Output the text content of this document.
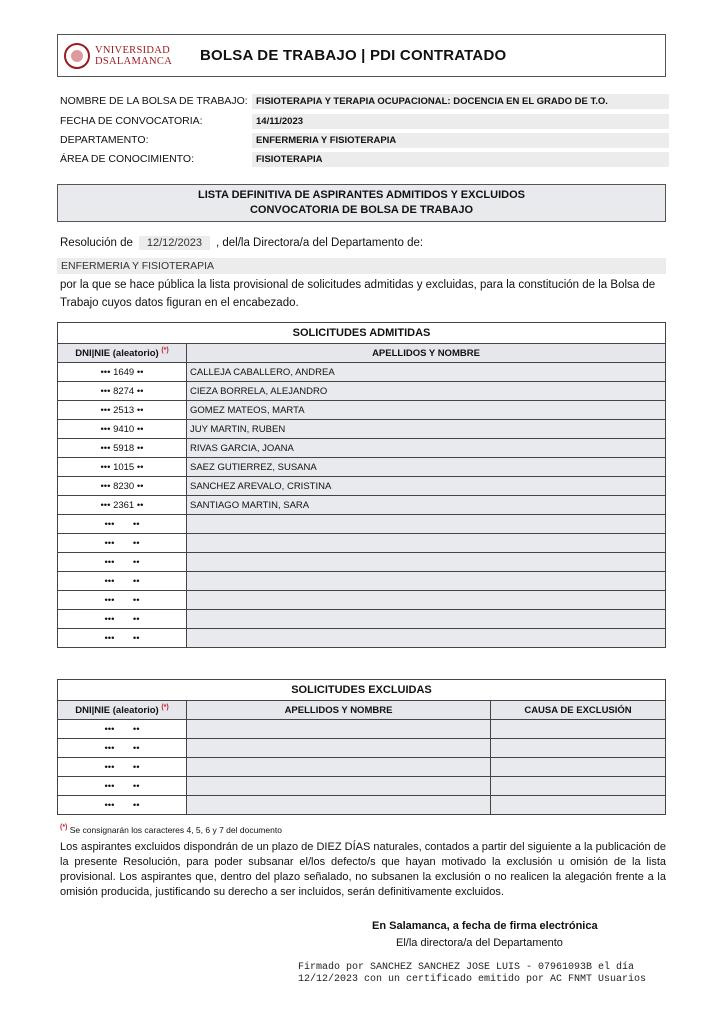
VNIVERSIDAD
DSALAMANCA BOLSA DE TRABAJO | PDI CONTRATADO
NOMBRE DE LA BOLSA DE TRABAJO: FISIOTERAPIA Y TERAPIA OCUPACIONAL: DOCENCIA EN EL GRADO DE T.O.
FECHA DE CONVOCATORIA:	14/11/2023
DEPARTAMENTO:	ENFERMERIA Y FISIOTERAPIA
ÁREA DE CONOCIMIENTO:	FISIOTERAPIA
LISTA DEFINITIVA DE ASPIRANTES ADMITIDOS Y EXCLUIDOS
CONVOCATORIA DE BOLSA DE TRABAJO
Resolución de	12/12/2023	, del/la Directora/a del Departamento de:
ENFERMERIA Y FISIOTERAPIA
por la que se hace pública la lista provisional de solicitudes admitidas y excluidas, para la constitución de la Bolsa de Trabajo cuyos datos figuran en el encabezado.
SOLICITUDES ADMITIDAS	
DNI|NIE (aleatorio) (*)	APELLIDOS Y NOMBRE
••• 1649 ••	CALLEJA CABALLERO, ANDREA
••• 8274 ••	CIEZA BORRELA, ALEJANDRO
••• 2513 ••	GOMEZ MATEOS, MARTA
••• 9410 ••	JUY MARTIN, RUBEN
••• 5918 ••	RIVAS GARCIA, JOANA
••• 1015 ••	SAEZ GUTIERREZ, SUSANA
••• 8230 ••	SANCHEZ AREVALO, CRISTINA
••• 2361 ••	SANTIAGO MARTIN, SARA
•••       ••	
•••       ••	
•••       ••	
•••       ••	
•••       ••	
•••       ••	
•••       ••	
SOLICITUDES EXCLUIDAS		
DNI|NIE (aleatorio) (*)	APELLIDOS Y NOMBRE	CAUSA DE EXCLUSIÓN
•••       ••		
•••       ••		
•••       ••		
•••       ••		
•••       ••		
(*) Se consignarán los caracteres 4, 5, 6 y 7 del documento
Los aspirantes excluidos dispondrán de un plazo de DIEZ DÍAS naturales, contados a partir del siguiente a la publicación de la presente Resolución, para poder subsanar el/los defecto/s que hayan motivado la exclusión u omisión de la lista provisional. Los aspirantes que, dentro del plazo señalado, no subsanen la exclusión o no realicen la alegación frente a la omisión producida, justificando su derecho a ser incluidos, serán definitivamente excluidos.
En Salamanca, a fecha de firma electrónica
El/la directora/a del Departamento
Firmado por SANCHEZ SANCHEZ JOSE LUIS - 07961093B el día 12/12/2023 con un certificado emitido por AC FNMT Usuarios
